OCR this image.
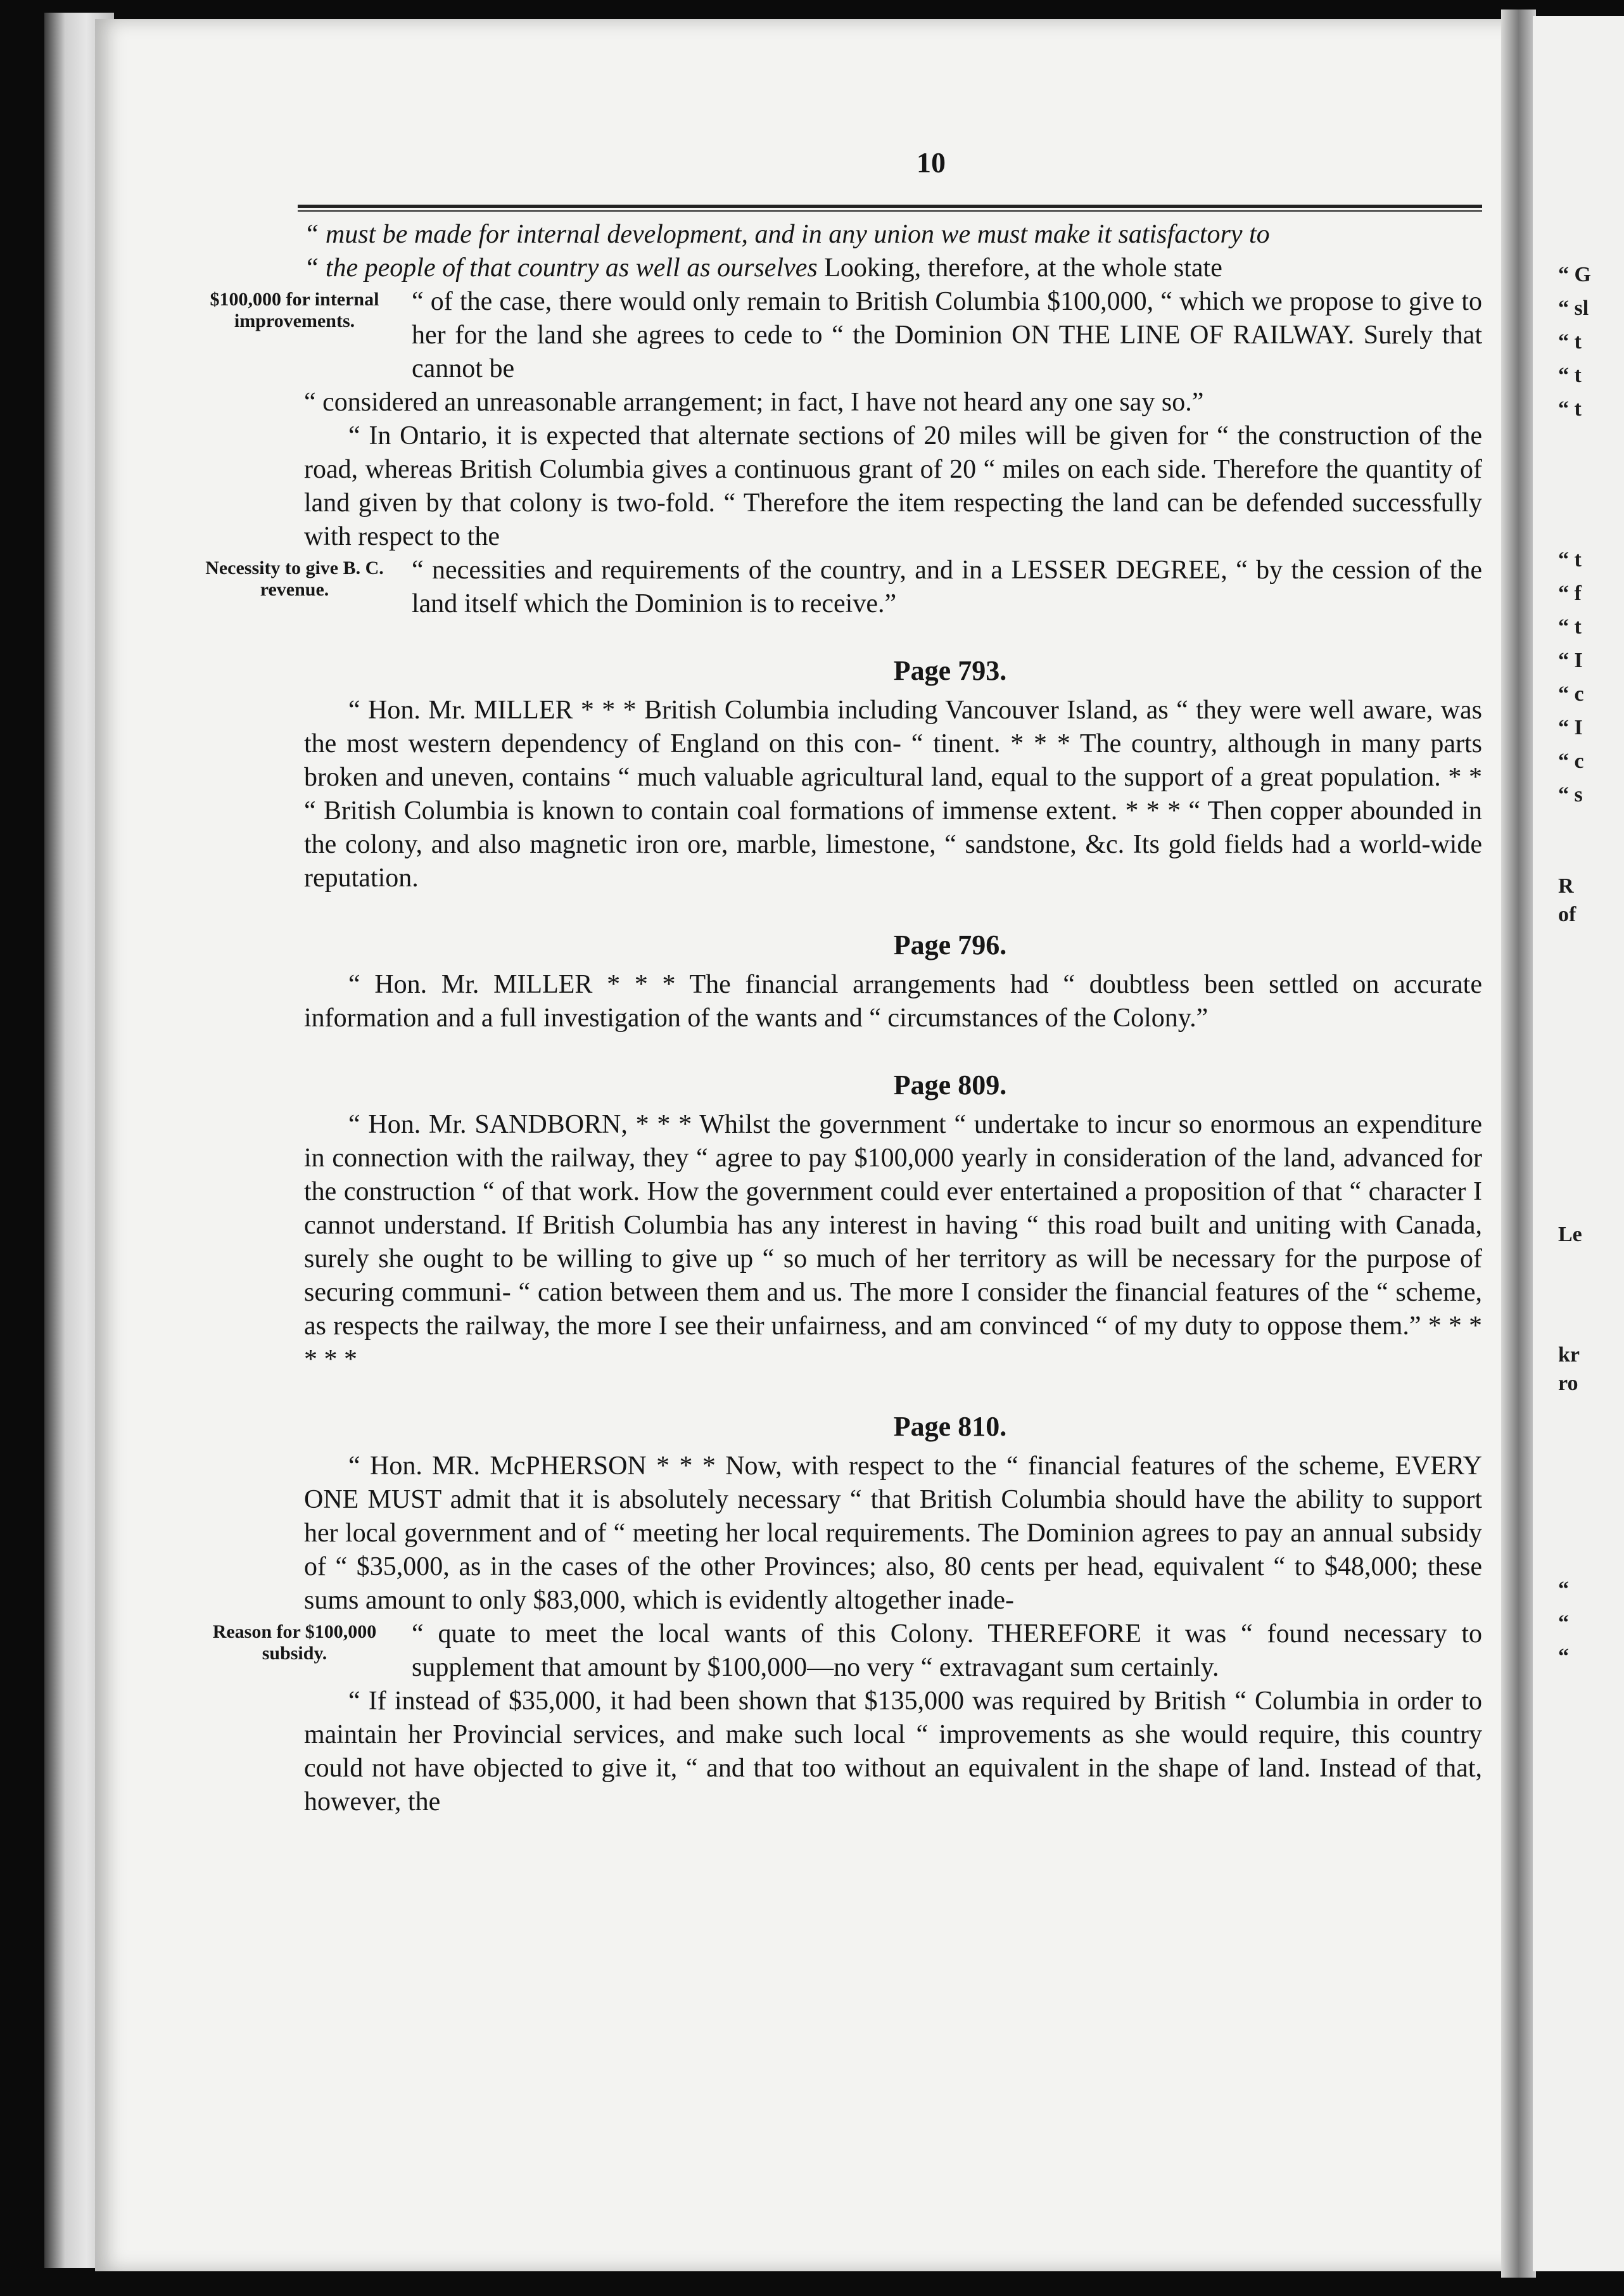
“ G
“ sl
“ t
“ t
“ t
“ t
“ f
“ t
“ I
“ c
“ I
“ c
“ s
R
of
Le
kr
ro
“
“
“
10

“ must be made for internal development, and in any union we must make it satisfactory to

“ the people of that country as well as ourselves Looking, therefore, at the whole state

$100,000 for internal improvements.

“ of the case, there would only remain to British Columbia $100,000, “ which we propose to give to her for the land she agrees to cede to “ the Dominion ON THE LINE OF RAILWAY. Surely that cannot be

“ considered an unreasonable arrangement; in fact, I have not heard any one say so.”

“ In Ontario, it is expected that alternate sections of 20 miles will be given for “ the construction of the road, whereas British Columbia gives a continuous grant of 20 “ miles on each side. Therefore the quantity of land given by that colony is two-fold. “ Therefore the item respecting the land can be defended successfully with respect to the

Necessity to give B. C. revenue.

“ necessities and requirements of the country, and in a LESSER DEGREE, “ by the cession of the land itself which the Dominion is to receive.”

Page 793.

“ Hon. Mr. MILLER * * * British Columbia including Vancouver Island, as “ they were well aware, was the most western dependency of England on this con- “ tinent. * * * The country, although in many parts broken and uneven, contains “ much valuable agricultural land, equal to the support of a great population. * * “ British Columbia is known to contain coal formations of immense extent. * * * “ Then copper abounded in the colony, and also magnetic iron ore, marble, limestone, “ sandstone, &c. Its gold fields had a world-wide reputation.

Page 796.

“ Hon. Mr. MILLER * * * The financial arrangements had “ doubtless been settled on accurate information and a full investigation of the wants and “ circumstances of the Colony.”

Page 809.

“ Hon. Mr. SANDBORN, * * * Whilst the government “ undertake to incur so enormous an expenditure in connection with the railway, they “ agree to pay $100,000 yearly in consideration of the land, advanced for the construction “ of that work. How the government could ever entertained a proposition of that “ character I cannot understand. If British Columbia has any interest in having “ this road built and uniting with Canada, surely she ought to be willing to give up “ so much of her territory as will be necessary for the purpose of securing communi- “ cation between them and us. The more I consider the financial features of the “ scheme, as respects the railway, the more I see their unfairness, and am convinced “ of my duty to oppose them.” * * * * * *

Page 810.

“ Hon. MR. McPHERSON * * * Now, with respect to the “ financial features of the scheme, EVERY ONE MUST admit that it is absolutely necessary “ that British Columbia should have the ability to support her local government and of “ meeting her local requirements. The Dominion agrees to pay an annual subsidy of “ $35,000, as in the cases of the other Provinces; also, 80 cents per head, equivalent “ to $48,000; these sums amount to only $83,000, which is evidently altogether inade-

Reason for $100,000 subsidy.

“ quate to meet the local wants of this Colony. THEREFORE it was “ found necessary to supplement that amount by $100,000—no very “ extravagant sum certainly.

“ If instead of $35,000, it had been shown that $135,000 was required by British “ Columbia in order to maintain her Provincial services, and make such local “ improvements as she would require, this country could not have objected to give it, “ and that too without an equivalent in the shape of land. Instead of that, however, the
